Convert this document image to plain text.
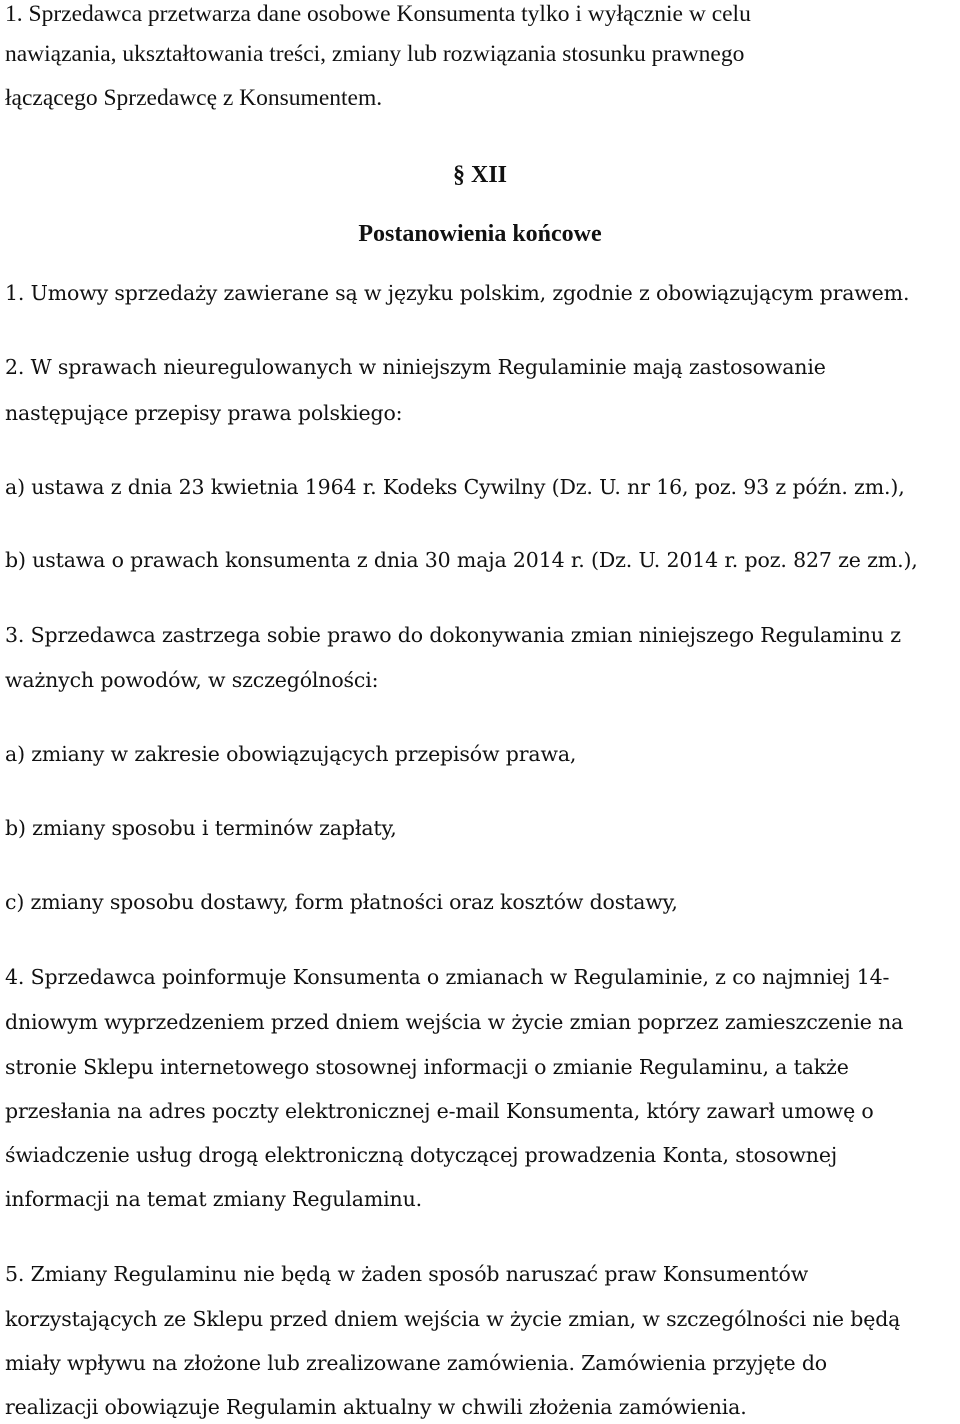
1. Sprzedawca przetwarza dane osobowe Konsumenta tylko i wyłącznie w celu
nawiązania, ukształtowania treści, zmiany lub rozwiązania stosunku prawnego
łączącego Sprzedawcę z Konsumentem.
§ XII
Postanowienia końcowe
1. Umowy sprzedaży zawierane są w języku polskim, zgodnie z obowiązującym prawem.
2. W sprawach nieuregulowanych w niniejszym Regulaminie mają zastosowanie
następujące przepisy prawa polskiego:
a) ustawa z dnia 23 kwietnia 1964 r. Kodeks Cywilny (Dz. U. nr 16, poz. 93 z późn. zm.),
b) ustawa o prawach konsumenta z dnia 30 maja 2014 r. (Dz. U. 2014 r. poz. 827 ze zm.),
3. Sprzedawca zastrzega sobie prawo do dokonywania zmian niniejszego Regulaminu z
ważnych powodów, w szczególności:
a) zmiany w zakresie obowiązujących przepisów prawa,
b) zmiany sposobu i terminów zapłaty,
c) zmiany sposobu dostawy, form płatności oraz kosztów dostawy,
4. Sprzedawca poinformuje Konsumenta o zmianach w Regulaminie, z co najmniej 14-
dniowym wyprzedzeniem przed dniem wejścia w życie zmian poprzez zamieszczenie na
stronie Sklepu internetowego stosownej informacji o zmianie Regulaminu, a także
przesłania na adres poczty elektronicznej e-mail Konsumenta, który zawarł umowę o
świadczenie usług drogą elektroniczną dotyczącej prowadzenia Konta, stosownej
informacji na temat zmiany Regulaminu.
5. Zmiany Regulaminu nie będą w żaden sposób naruszać praw Konsumentów
korzystających ze Sklepu przed dniem wejścia w życie zmian, w szczególności nie będą
miały wpływu na złożone lub zrealizowane zamówienia. Zamówienia przyjęte do
realizacji obowiązuje Regulamin aktualny w chwili złożenia zamówienia.
